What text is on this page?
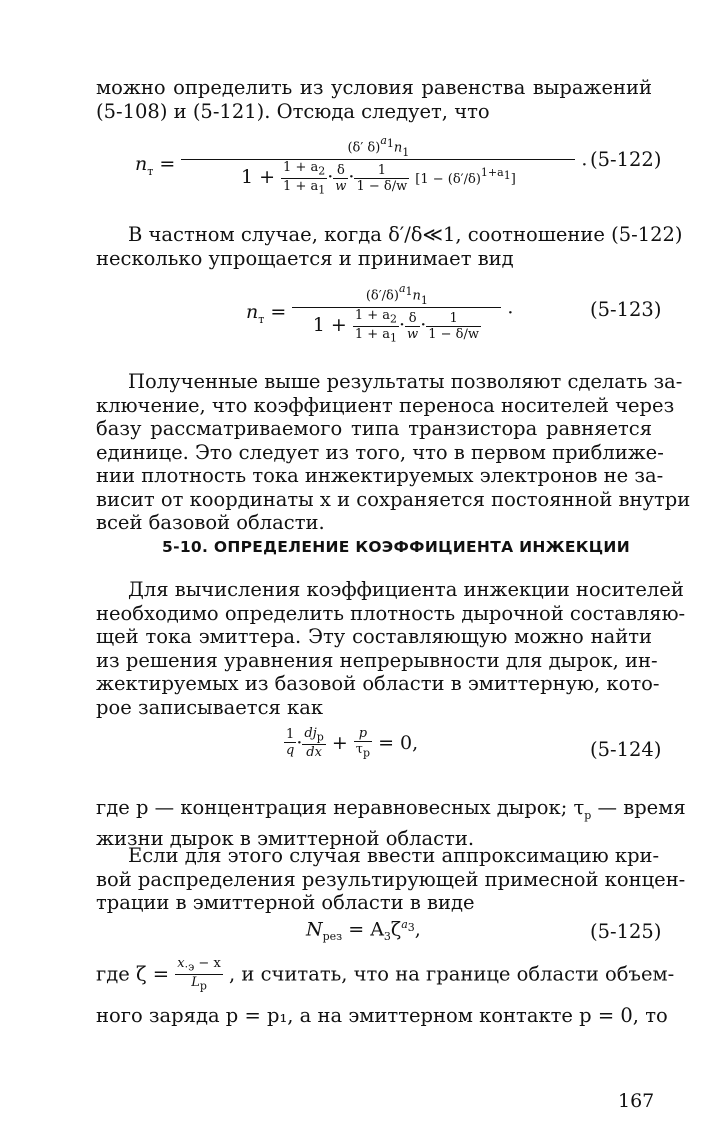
можно определить из условия равенства выражений
(5-108) и (5-121). Отсюда следует, что
$n_т$ =
(δ′ $\delta)^{a_1}n_1$
$1 + \frac{1 + a_2}{1 + a_1} \cdot \frac{\delta}{w} \cdot \frac{1}{1 - \delta/w} [1 - (\delta'/\delta)^{1+a_1}]$
· (5-122)
В частном случае, когда δ′/δ≪1, соотношение (5-122)
несколько упрощается и принимает вид
$n_т$ =
$(\delta'/\delta)^{a_1}n_1$
$1 + \frac{1 + a_2}{1 + a_1} \cdot \frac{\delta}{w} \cdot \frac{1}{1 - \delta/w}$ ·	(5-123)
Полученные выше результаты позволяют сделать за-
ключение, что коэффициент переноса носителей через
базу рассматриваемого типа транзистора равняется
единице. Это следует из того, что в первом приближе-
нии плотность тока инжектируемых электронов не за-
висит от координаты x и сохраняется постоянной внутри
всей базовой области.
5-10. ОПРЕДЕЛЕНИЕ КОЭФФИЦИЕНТА ИНЖЕКЦИИ
Для вычисления коэффициента инжекции носителей
необходимо определить плотность дырочной составляю-
щей тока эмиттера. Эту составляющую можно найти
из решения уравнения непрерывности для дырок, ин-
жектируемых из базовой области в эмиттерную, кото-
рое записывается как
$\frac{1}{q} \cdot \frac{dj_p}{dx} + \frac{p}{\tau_p} = 0$,	(5-124)
где p — концентрация неравновесных дырок; $\tau_p$ — время
жизни дырок в эмиттерной области.
Если для этого случая ввести аппроксимацию кри-
вой распределения результирующей примесной концен-
трации в эмиттерной области в виде
$N_{рез} = A_3\zeta^{a_3}$,	(5-125)
где $\zeta = \frac{x_{\cdot э} - x}{L_p}$ , и считать, что на границе области объем-
ного заряда p = p₁, а на эмиттерном контакте p = 0, то
167
